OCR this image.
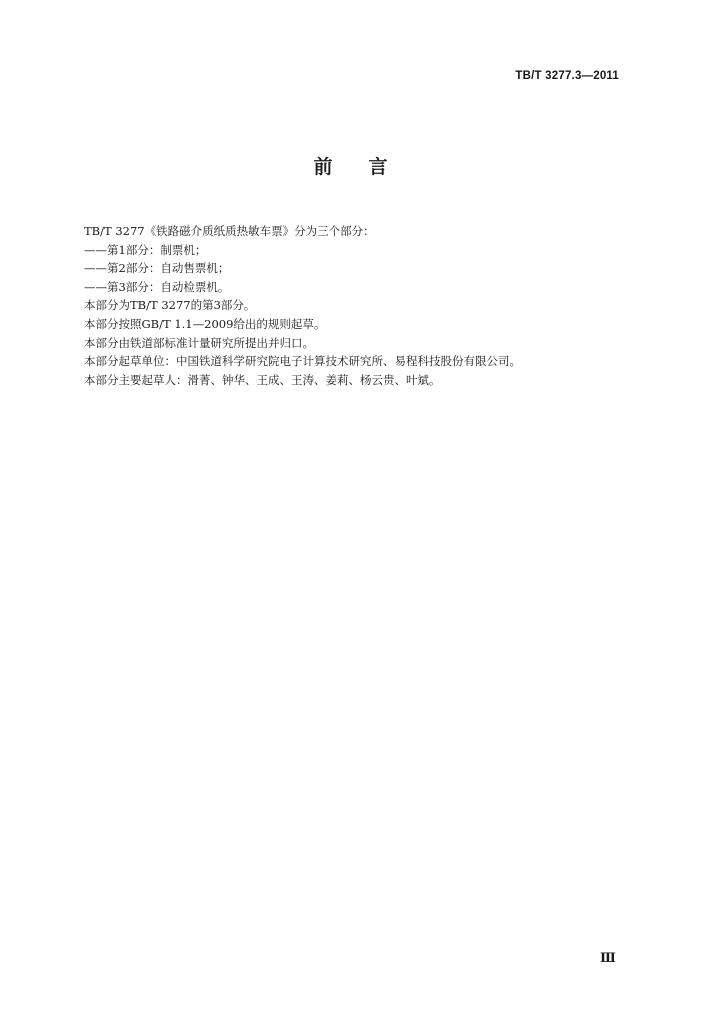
TB/T 3277.3—2011
前言
TB/T 3277《铁路磁介质纸质热敏车票》分为三个部分：
——第1部分：制票机；
——第2部分：自动售票机；
——第3部分：自动检票机。
本部分为TB/T 3277的第3部分。
本部分按照GB/T 1.1—2009给出的规则起草。
本部分由铁道部标准计量研究所提出并归口。
本部分起草单位：中国铁道科学研究院电子计算技术研究所、易程科技股份有限公司。
本部分主要起草人：滑菁、钟华、王成、王涛、姜莉、杨云贵、叶斌。
Ⅲ
